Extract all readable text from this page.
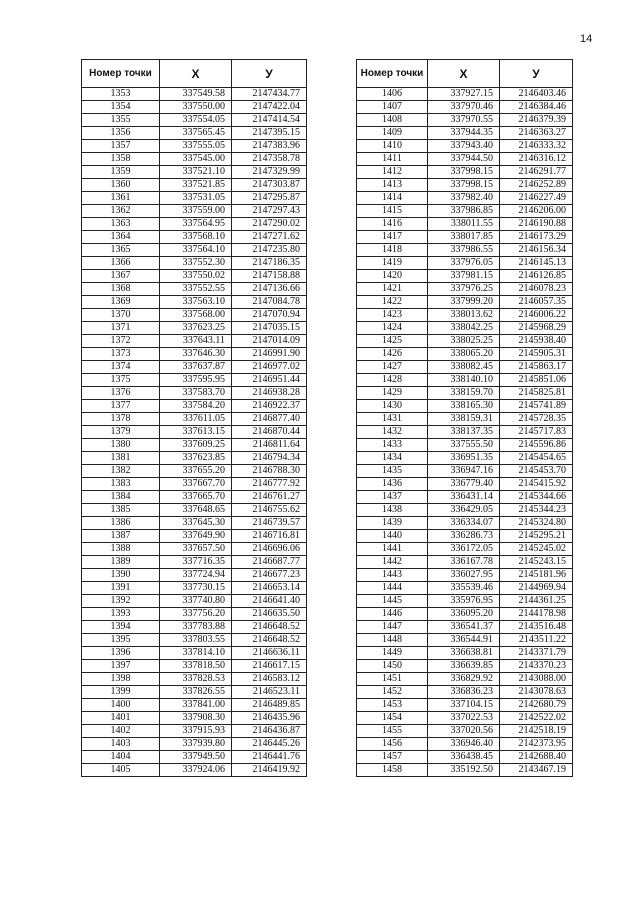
14
Номер точки	X	У
1353	337549.58	2147434.77
1354	337550.00	2147422.04
1355	337554.05	2147414.54
1356	337565.45	2147395.15
1357	337555.05	2147383.96
1358	337545.00	2147358.78
1359	337521.10	2147329.99
1360	337521.85	2147303.87
1361	337531.05	2147295.87
1362	337559.00	2147297.43
1363	337564.95	2147290.02
1364	337568.10	2147271.62
1365	337564.10	2147235.80
1366	337552.30	2147186.35
1367	337550.02	2147158.88
1368	337552.55	2147136.66
1369	337563.10	2147084.78
1370	337568.00	2147070.94
1371	337623.25	2147035.15
1372	337643.11	2147014.09
1373	337646.30	2146991.90
1374	337637.87	2146977.02
1375	337595.95	2146951.44
1376	337583.70	2146938.28
1377	337584.20	2146922.37
1378	337611.05	2146877.40
1379	337613.15	2146870.44
1380	337609.25	2146811.64
1381	337623.85	2146794.34
1382	337655.20	2146788.30
1383	337667.70	2146777.92
1384	337665.70	2146761.27
1385	337648.65	2146755.62
1386	337645.30	2146739.57
1387	337649.90	2146716.81
1388	337657.50	2146696.06
1389	337716.35	2146687.77
1390	337724.94	2146677.23
1391	337730.15	2146653.14
1392	337740.80	2146641.40
1393	337756.20	2146635.50
1394	337783.88	2146648.52
1395	337803.55	2146648.52
1396	337814.10	2146636.11
1397	337818.50	2146617.15
1398	337828.53	2146583.12
1399	337826.55	2146523.11
1400	337841.00	2146489.85
1401	337908.30	2146435.96
1402	337915.93	2146436.87
1403	337939.80	2146445.26
1404	337949.50	2146441.76
1405	337924.06	2146419.92
Номер точки	X	У
1406	337927.15	2146403.46
1407	337970.46	2146384.46
1408	337970.55	2146379.39
1409	337944.35	2146363.27
1410	337943.40	2146333.32
1411	337944.50	2146316.12
1412	337998.15	2146291.77
1413	337998.15	2146252.89
1414	337982.40	2146227.49
1415	337986.85	2146206.00
1416	338011.55	2146190.88
1417	338017.85	2146173.29
1418	337986.55	2146156.34
1419	337976.05	2146145.13
1420	337981.15	2146126.85
1421	337976.25	2146078.23
1422	337999.20	2146057.35
1423	338013.62	2146006.22
1424	338042.25	2145968.29
1425	338025.25	2145938.40
1426	338065.20	2145905.31
1427	338082.45	2145863.17
1428	338140.10	2145851.06
1429	338159.70	2145825.81
1430	338165.30	2145741.89
1431	338159.31	2145728.35
1432	338137.35	2145717.83
1433	337555.50	2145596.86
1434	336951.35	2145454.65
1435	336947.16	2145453.70
1436	336779.40	2145415.92
1437	336431.14	2145344.66
1438	336429.05	2145344.23
1439	336334.07	2145324.80
1440	336286.73	2145295.21
1441	336172.05	2145245.02
1442	336167.78	2145243.15
1443	336027.95	2145181.96
1444	335539.46	2144969.94
1445	335976.95	2144361.25
1446	336095.20	2144178.98
1447	336541.37	2143516.48
1448	336544.91	2143511.22
1449	336638.81	2143371.79
1450	336639.85	2143370.23
1451	336829.92	2143088.00
1452	336836.23	2143078.63
1453	337104.15	2142680.79
1454	337022.53	2142522.02
1455	337020.56	2142518.19
1456	336946.40	2142373.95
1457	336438.45	2142688.40
1458	335192.50	2143467.19
